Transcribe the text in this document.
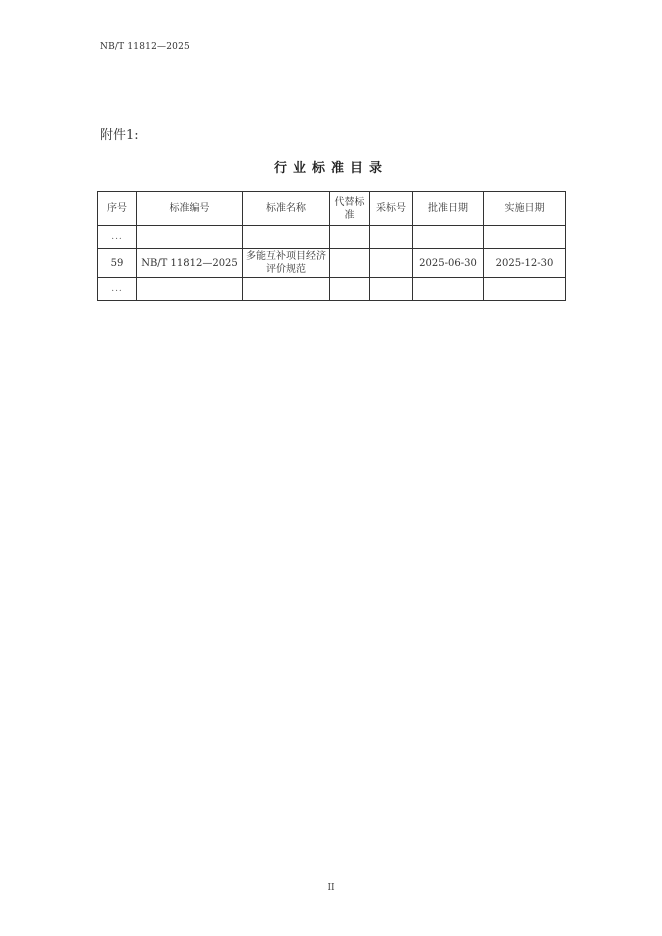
NB/T 11812—2025
附件1:
行业标准目录
序号	标准编号	标准名称	代替标准	采标号	批准日期	实施日期
...						
59	NB/T 11812—2025	多能互补项目经济评价规范			2025-06-30	2025-12-30
...						
II
